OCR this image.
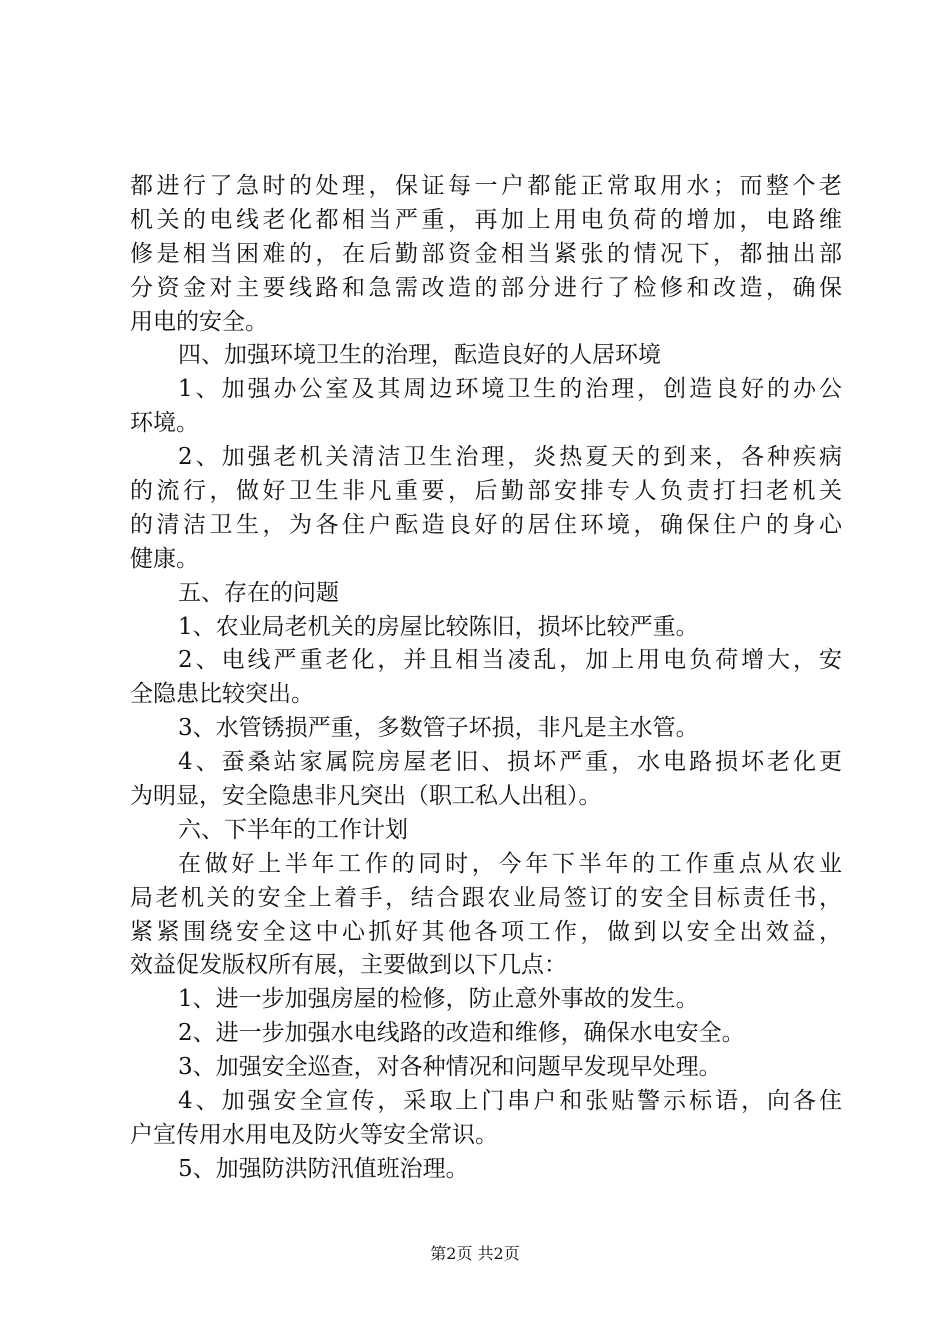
都进行了急时的处理，保证每一户都能正常取用水；而整个老
机关的电线老化都相当严重，再加上用电负荷的增加，电路维
修是相当困难的，在后勤部资金相当紧张的情况下，都抽出部
分资金对主要线路和急需改造的部分进行了检修和改造，确保
用电的安全。
四、加强环境卫生的治理，酝造良好的人居环境
1、加强办公室及其周边环境卫生的治理，创造良好的办公
环境。
2、加强老机关清洁卫生治理，炎热夏天的到来，各种疾病
的流行，做好卫生非凡重要，后勤部安排专人负责打扫老机关
的清洁卫生，为各住户酝造良好的居住环境，确保住户的身心
健康。
五、存在的问题
1、农业局老机关的房屋比较陈旧，损坏比较严重。
2、电线严重老化，并且相当凌乱，加上用电负荷增大，安
全隐患比较突出。
3、水管锈损严重，多数管子坏损，非凡是主水管。
4、蚕桑站家属院房屋老旧、损坏严重，水电路损坏老化更
为明显，安全隐患非凡突出（职工私人出租）。
六、下半年的工作计划
在做好上半年工作的同时，今年下半年的工作重点从农业
局老机关的安全上着手，结合跟农业局签订的安全目标责任书，
紧紧围绕安全这中心抓好其他各项工作，做到以安全出效益，
效益促发版权所有展，主要做到以下几点：
1、进一步加强房屋的检修，防止意外事故的发生。
2、进一步加强水电线路的改造和维修，确保水电安全。
3、加强安全巡查，对各种情况和问题早发现早处理。
4、加强安全宣传，采取上门串户和张贴警示标语，向各住
户宣传用水用电及防火等安全常识。
5、加强防洪防汛值班治理。
第2页 共2页
